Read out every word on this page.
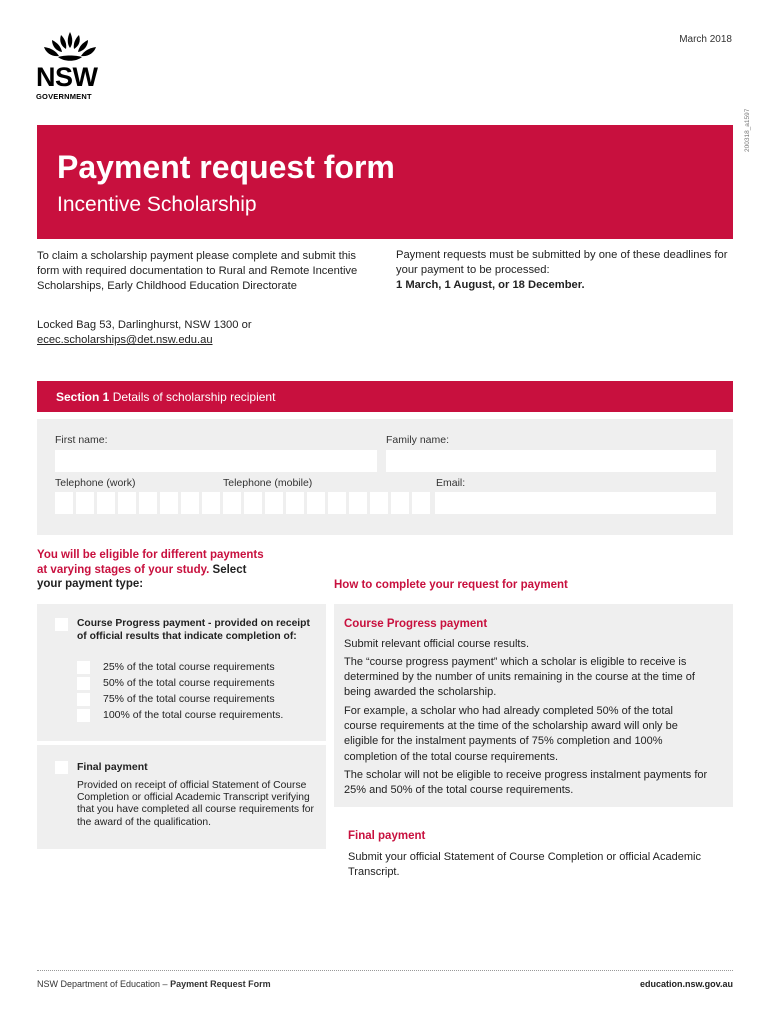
NSW
GOVERNMENT
March 2018
200318_a1597
Payment request form
Incentive Scholarship
To claim a scholarship payment please complete and submit this form with required documentation to Rural and Remote Incentive Scholarships, Early Childhood Education Directorate
Locked Bag 53, Darlinghurst, NSW 1300 or
ecec.scholarships@det.nsw.edu.au
Payment requests must be submitted by one of these deadlines for your payment to be processed:
1 March, 1 August, or 18 December.
Section 1 Details of scholarship recipient
First name:	Family name:
Telephone (work)	Telephone (mobile)	Email:
You will be eligible for different payments at varying stages of your study. Select your payment type:	How to complete your request for payment
Course Progress payment - provided on receipt of official results that indicate completion of:
25% of the total course requirements
50% of the total course requirements
75% of the total course requirements
100% of the total course requirements.
Final payment
Provided on receipt of official Statement of Course Completion or official Academic Transcript verifying that you have completed all course requirements for the award of the qualification.
Course Progress payment
Submit relevant official course results.
The “course progress payment” which a scholar is eligible to receive is determined by the number of units remaining in the course at the time of being awarded the scholarship.
For example, a scholar who had already completed 50% of the total course requirements at the time of the scholarship award will only be eligible for the instalment payments of 75% completion and 100% completion of the total course requirements.
The scholar will not be eligible to receive progress instalment payments for 25% and 50% of the total course requirements.
Final payment
Submit your official Statement of Course Completion or official Academic Transcript.
NSW Department of Education – Payment Request Form	education.nsw.gov.au
